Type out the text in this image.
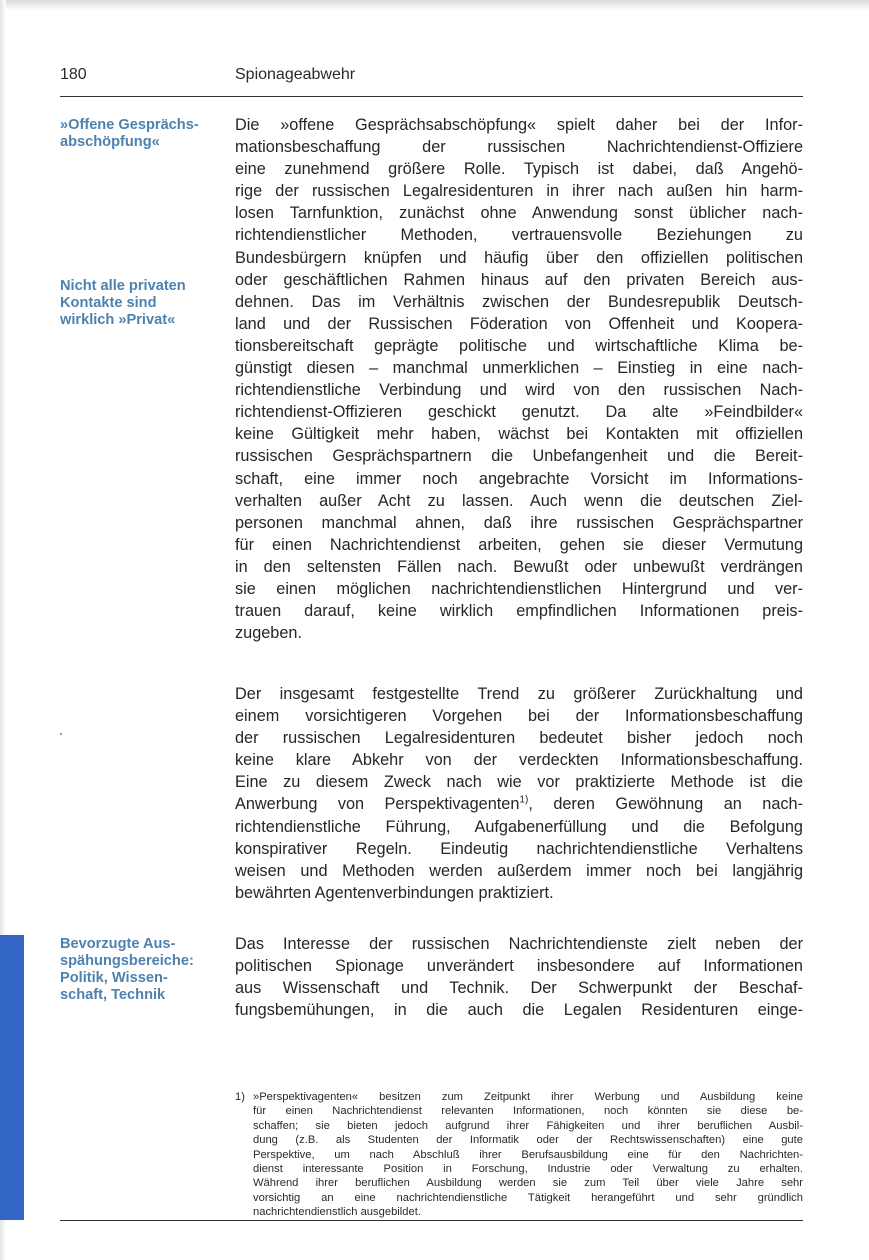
180	Spionageabwehr
»Offene Gesprächs-
abschöpfung«
Nicht alle privaten
Kontakte sind
wirklich »Privat«
Bevorzugte Aus-
spähungsbereiche:
Politik, Wissen-
schaft, Technik
Die »offene Gesprächsabschöpfung« spielt daher bei der Infor-
mationsbeschaffung der russischen Nachrichtendienst-Offiziere
eine zunehmend größere Rolle. Typisch ist dabei, daß Angehö-
rige der russischen Legalresidenturen in ihrer nach außen hin harm-
losen Tarnfunktion, zunächst ohne Anwendung sonst üblicher nach-
richtendienstlicher Methoden, vertrauensvolle Beziehungen zu
Bundesbürgern knüpfen und häufig über den offiziellen politischen
oder geschäftlichen Rahmen hinaus auf den privaten Bereich aus-
dehnen. Das im Verhältnis zwischen der Bundesrepublik Deutsch-
land und der Russischen Föderation von Offenheit und Koopera-
tionsbereitschaft geprägte politische und wirtschaftliche Klima be-
günstigt diesen – manchmal unmerklichen – Einstieg in eine nach-
richtendienstliche Verbindung und wird von den russischen Nach-
richtendienst-Offizieren geschickt genutzt. Da alte »Feindbilder«
keine Gültigkeit mehr haben, wächst bei Kontakten mit offiziellen
russischen Gesprächspartnern die Unbefangenheit und die Bereit-
schaft, eine immer noch angebrachte Vorsicht im Informations-
verhalten außer Acht zu lassen. Auch wenn die deutschen Ziel-
personen manchmal ahnen, daß ihre russischen Gesprächspartner
für einen Nachrichtendienst arbeiten, gehen sie dieser Vermutung
in den seltensten Fällen nach. Bewußt oder unbewußt verdrängen
sie einen möglichen nachrichtendienstlichen Hintergrund und ver-
trauen darauf, keine wirklich empfindlichen Informationen preis-
zugeben.
Der insgesamt festgestellte Trend zu größerer Zurückhaltung und
einem vorsichtigeren Vorgehen bei der Informationsbeschaffung
der russischen Legalresidenturen bedeutet bisher jedoch noch
keine klare Abkehr von der verdeckten Informationsbeschaffung.
Eine zu diesem Zweck nach wie vor praktizierte Methode ist die
Anwerbung von Perspektivagenten$^{1)}$, deren Gewöhnung an nach-
richtendienstliche Führung, Aufgabenerfüllung und die Befolgung
konspirativer Regeln. Eindeutig nachrichtendienstliche Verhaltens
weisen und Methoden werden außerdem immer noch bei langjährig
bewährten Agentenverbindungen praktiziert.
Das Interesse der russischen Nachrichtendienste zielt neben der
politischen Spionage unverändert insbesondere auf Informationen
aus Wissenschaft und Technik. Der Schwerpunkt der Beschaf-
fungsbemühungen, in die auch die Legalen Residenturen einge-
1) »Perspektivagenten« besitzen zum Zeitpunkt ihrer Werbung und Ausbildung keine
für einen Nachrichtendienst relevanten Informationen, noch könnten sie diese be-
schaffen; sie bieten jedoch aufgrund ihrer Fähigkeiten und ihrer beruflichen Ausbil-
dung (z.B. als Studenten der Informatik oder der Rechtswissenschaften) eine gute
Perspektive, um nach Abschluß ihrer Berufsausbildung eine für den Nachrichten-
dienst interessante Position in Forschung, Industrie oder Verwaltung zu erhalten.
Während ihrer beruflichen Ausbildung werden sie zum Teil über viele Jahre sehr
vorsichtig an eine nachrichtendienstliche Tätigkeit herangeführt und sehr gründlich
nachrichtendienstlich ausgebildet.
